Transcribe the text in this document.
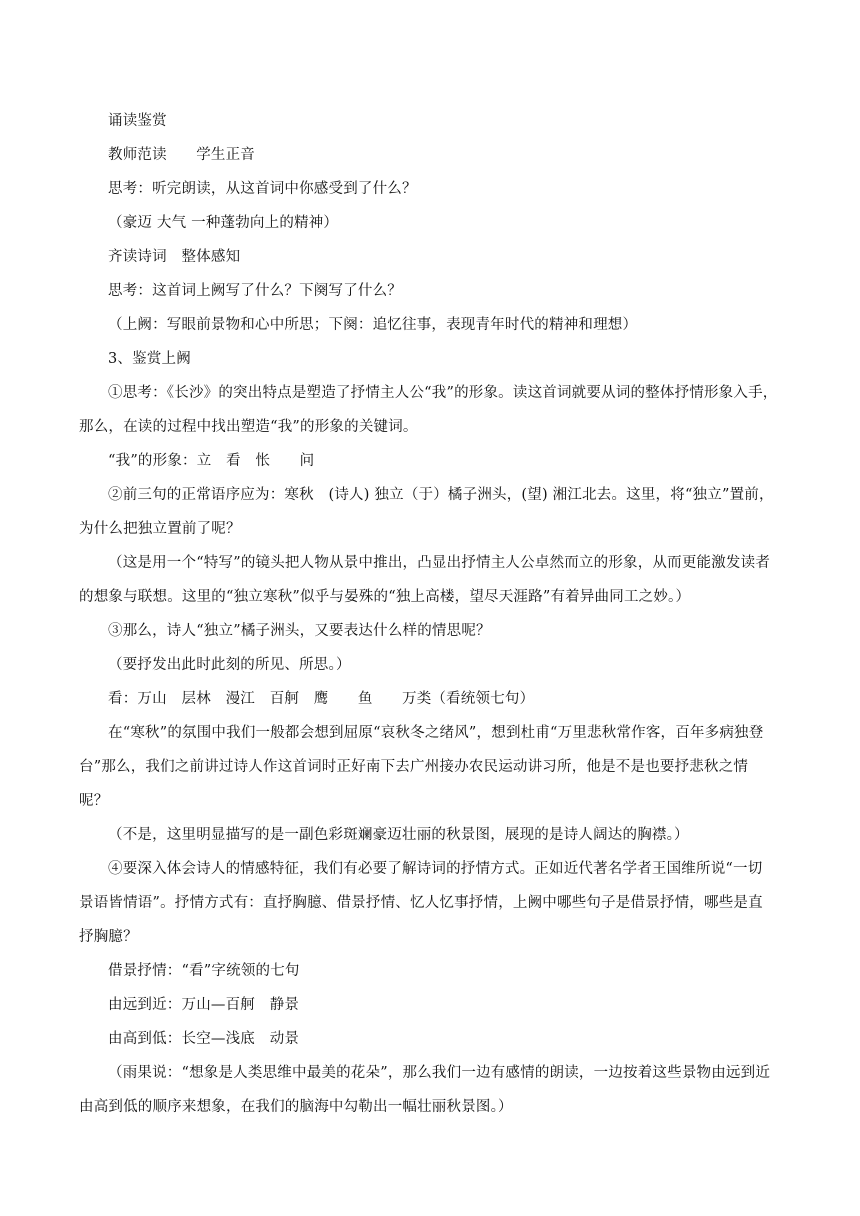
诵读鉴赏
教师范读　　学生正音
思考：听完朗读，从这首词中你感受到了什么？
（豪迈 大气 一种蓬勃向上的精神）
齐读诗词　整体感知
思考：这首词上阙写了什么？下阕写了什么？
（上阙：写眼前景物和心中所思；下阕：追忆往事，表现青年时代的精神和理想）
3、鉴赏上阙
①思考：《长沙》的突出特点是塑造了抒情主人公“我”的形象。读这首词就要从词的整体抒情形象入手，
那么，在读的过程中找出塑造“我”的形象的关键词。
“我”的形象：立　看　怅　　问
②前三句的正常语序应为：寒秋　(诗人) 独立（于）橘子洲头，(望) 湘江北去。这里，将“独立”置前，
为什么把独立置前了呢？
（这是用一个“特写”的镜头把人物从景中推出，凸显出抒情主人公卓然而立的形象，从而更能激发读者
的想象与联想。这里的“独立寒秋”似乎与晏殊的“独上高楼，望尽天涯路”有着异曲同工之妙。）
③那么，诗人“独立”橘子洲头，又要表达什么样的情思呢？
（要抒发出此时此刻的所见、所思。）
看：万山　层林　漫江　百舸　鹰　　鱼　　万类（看统领七句）
在“寒秋”的氛围中我们一般都会想到屈原“哀秋冬之绪风”，想到杜甫“万里悲秋常作客，百年多病独登
台”那么，我们之前讲过诗人作这首词时正好南下去广州接办农民运动讲习所，他是不是也要抒悲秋之情
呢？
（不是，这里明显描写的是一副色彩斑斓豪迈壮丽的秋景图，展现的是诗人阔达的胸襟。）
④要深入体会诗人的情感特征，我们有必要了解诗词的抒情方式。正如近代著名学者王国维所说“一切
景语皆情语”。抒情方式有：直抒胸臆、借景抒情、忆人忆事抒情，上阙中哪些句子是借景抒情，哪些是直
抒胸臆？
借景抒情：“看”字统领的七句
由远到近：万山—百舸　静景
由高到低：长空—浅底　动景
（雨果说：“想象是人类思维中最美的花朵”，那么我们一边有感情的朗读，一边按着这些景物由远到近
由高到低的顺序来想象，在我们的脑海中勾勒出一幅壮丽秋景图。）
